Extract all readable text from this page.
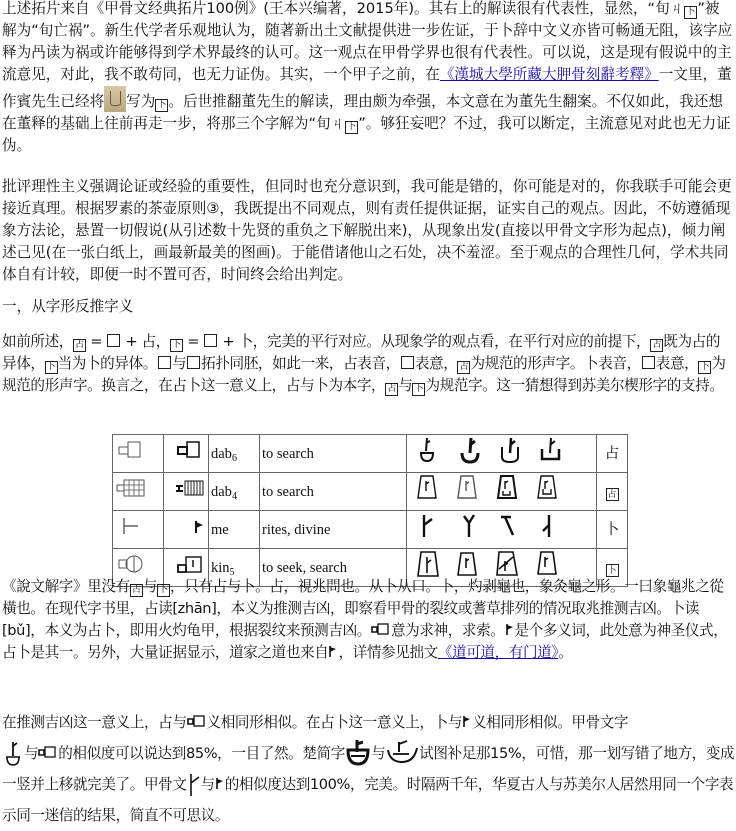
上述拓片来自《甲骨文经典拓片100例》(王本兴编著，2015年)。其右上的解读很有代表性，显然，“旬ㄐ 卜 ”被解为“旬亡祸”。新生代学者乐观地认为，随著新出土文献提供进一步佐证，于卜辞中文义亦皆可畅通无阻，该字应释为冎读为祸或许能够得到学术界最终的认可。这一观点在甲骨学界也很有代表性。可以说，这是现有假说中的主流意见，对此，我不敢苟同，也无力证伪。其实，一个甲子之前，在《漢城大學所藏大胛骨刻辭考釋》一文里，董作賓先生已经将 写为 卜 。后世推翻董先生的解读，理由颇为牵强，本文意在为董先生翻案。不仅如此，我还想在董释的基础上往前再走一步，将那三个字解为“旬ㄐ 卜 ”。够狂妄吧？不过，我可以断定，主流意见对此也无力证伪。

批评理性主义强调论证或经验的重要性，但同时也充分意识到，我可能是错的，你可能是对的，你我联手可能会更接近真理。根据罗素的茶壶原则③，我既提出不同观点，则有责任提供证据，证实自己的观点。因此，不妨遵循现象方法论，悬置一切假说(从引述数十先贤的重负之下解脱出来)，从现象出发(直接以甲骨文字形为起点)，倾力阐述己见(在一张白纸上，画最新最美的图画)。于能借诸他山之石处，决不羞涩。至于观点的合理性几何，学术共同体自有计较，即便一时不置可否，时间终会给出判定。

一，从字形反推字义

如前所述， 占 =  + 占， 卜 =  + 卜，完美的平行对应。从现象学的观点看，在平行对应的前提下， 占 既为占的异体， 卜 当为卜的异体。 与 拓扑同胚，如此一来，占表音， 表意， 占 为规范的形声字。卜表音， 表意， 卜 为规范的形声字。换言之，在占卜这一意义上，占与卜为本字， 占 与 卜 为规范字。这一猜想得到苏美尔楔形字的支持。

		dab$_6$	to search		占
		dab$_4$	to search		占
		me	rites, divine		卜
		kin$_5$	to seek, search		卜

《說文解字》里没有 占 与 卜 ，只有占与卜。占，視兆問也。从卜从口。卜，灼剥龜也，象灸龜之形。一曰象龜兆之從橫也。在现代字书里，占读[zhān]，本义为推测吉凶，即察看甲骨的裂纹或蓍草排列的情况取兆推测吉凶。卜读[bǔ]，本义为占卜，即用火灼龟甲，根据裂纹来预测吉凶。 意为求神，求索。 是个多义词，此处意为神圣仪式，占卜是其一。另外，大量证据显示，道家之道也来自 ，详情参见拙文《道可道，有门道》。

在推测吉凶这一意义上，占与 义相同形相似。在占卜这一意义上，卜与 义相同形相似。甲骨文字
与 的相似度可以说达到85%，一目了然。楚简字 与 试图补足那15%，可惜，那一划写错了地方，变成一竖并上移就完美了。甲骨文 与 的相似度达到100%，完美。时隔两千年，华夏古人与苏美尔人居然用同一个字表示同一迷信的结果，简直不可思议。
